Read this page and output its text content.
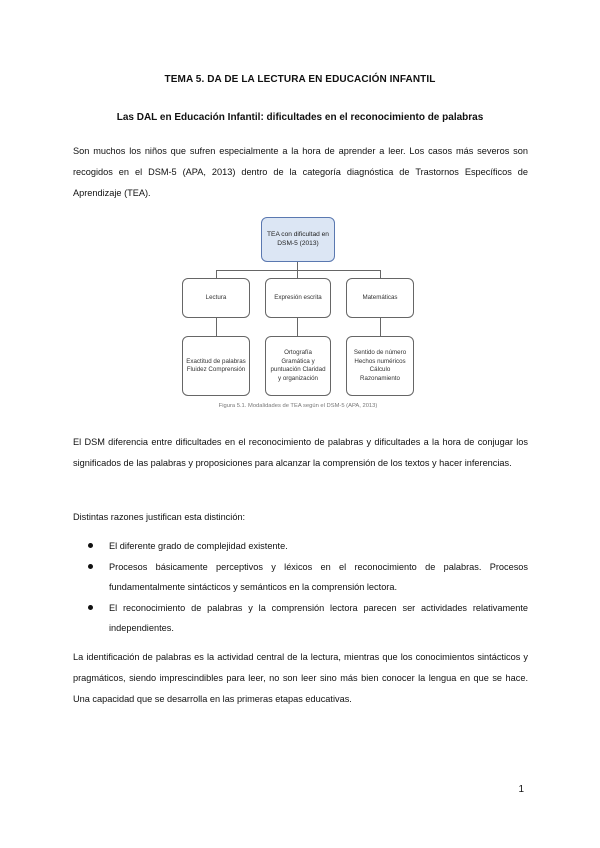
TEMA 5. DA DE LA LECTURA EN EDUCACIÓN INFANTIL
Las DAL en Educación Infantil: dificultades en el reconocimiento de palabras

Son muchos los niños que sufren especialmente a la hora de aprender a leer. Los casos más severos son recogidos en el DSM-5 (APA, 2013) dentro de la categoría diagnóstica de Trastornos Específicos de Aprendizaje (TEA).

TEA con dificultad en DSM-5 (2013)
Lectura	Expresión escrita	Matemáticas
Exactitud de palabras Fluidez Comprensión
Ortografía Gramática y puntuación Claridad y organización
Sentido de número Hechos numéricos Cálculo Razonamiento
Figura 5.1. Modalidades de TEA según el DSM-5 (APA, 2013)

El DSM diferencia entre dificultades en el reconocimiento de palabras y dificultades a la hora de conjugar los significados de las palabras y proposiciones para alcanzar la comprensión de los textos y hacer inferencias.

Distintas razones justifican esta distinción:

El diferente grado de complejidad existente.
Procesos básicamente perceptivos y léxicos en el reconocimiento de palabras. Procesos fundamentalmente sintácticos y semánticos en la comprensión lectora.
El reconocimiento de palabras y la comprensión lectora parecen ser actividades relativamente independientes.

La identificación de palabras es la actividad central de la lectura, mientras que los conocimientos sintácticos y pragmáticos, siendo imprescindibles para leer, no son leer sino más bien conocer la lengua en que se hace. Una capacidad que se desarrolla en las primeras etapas educativas.

1
